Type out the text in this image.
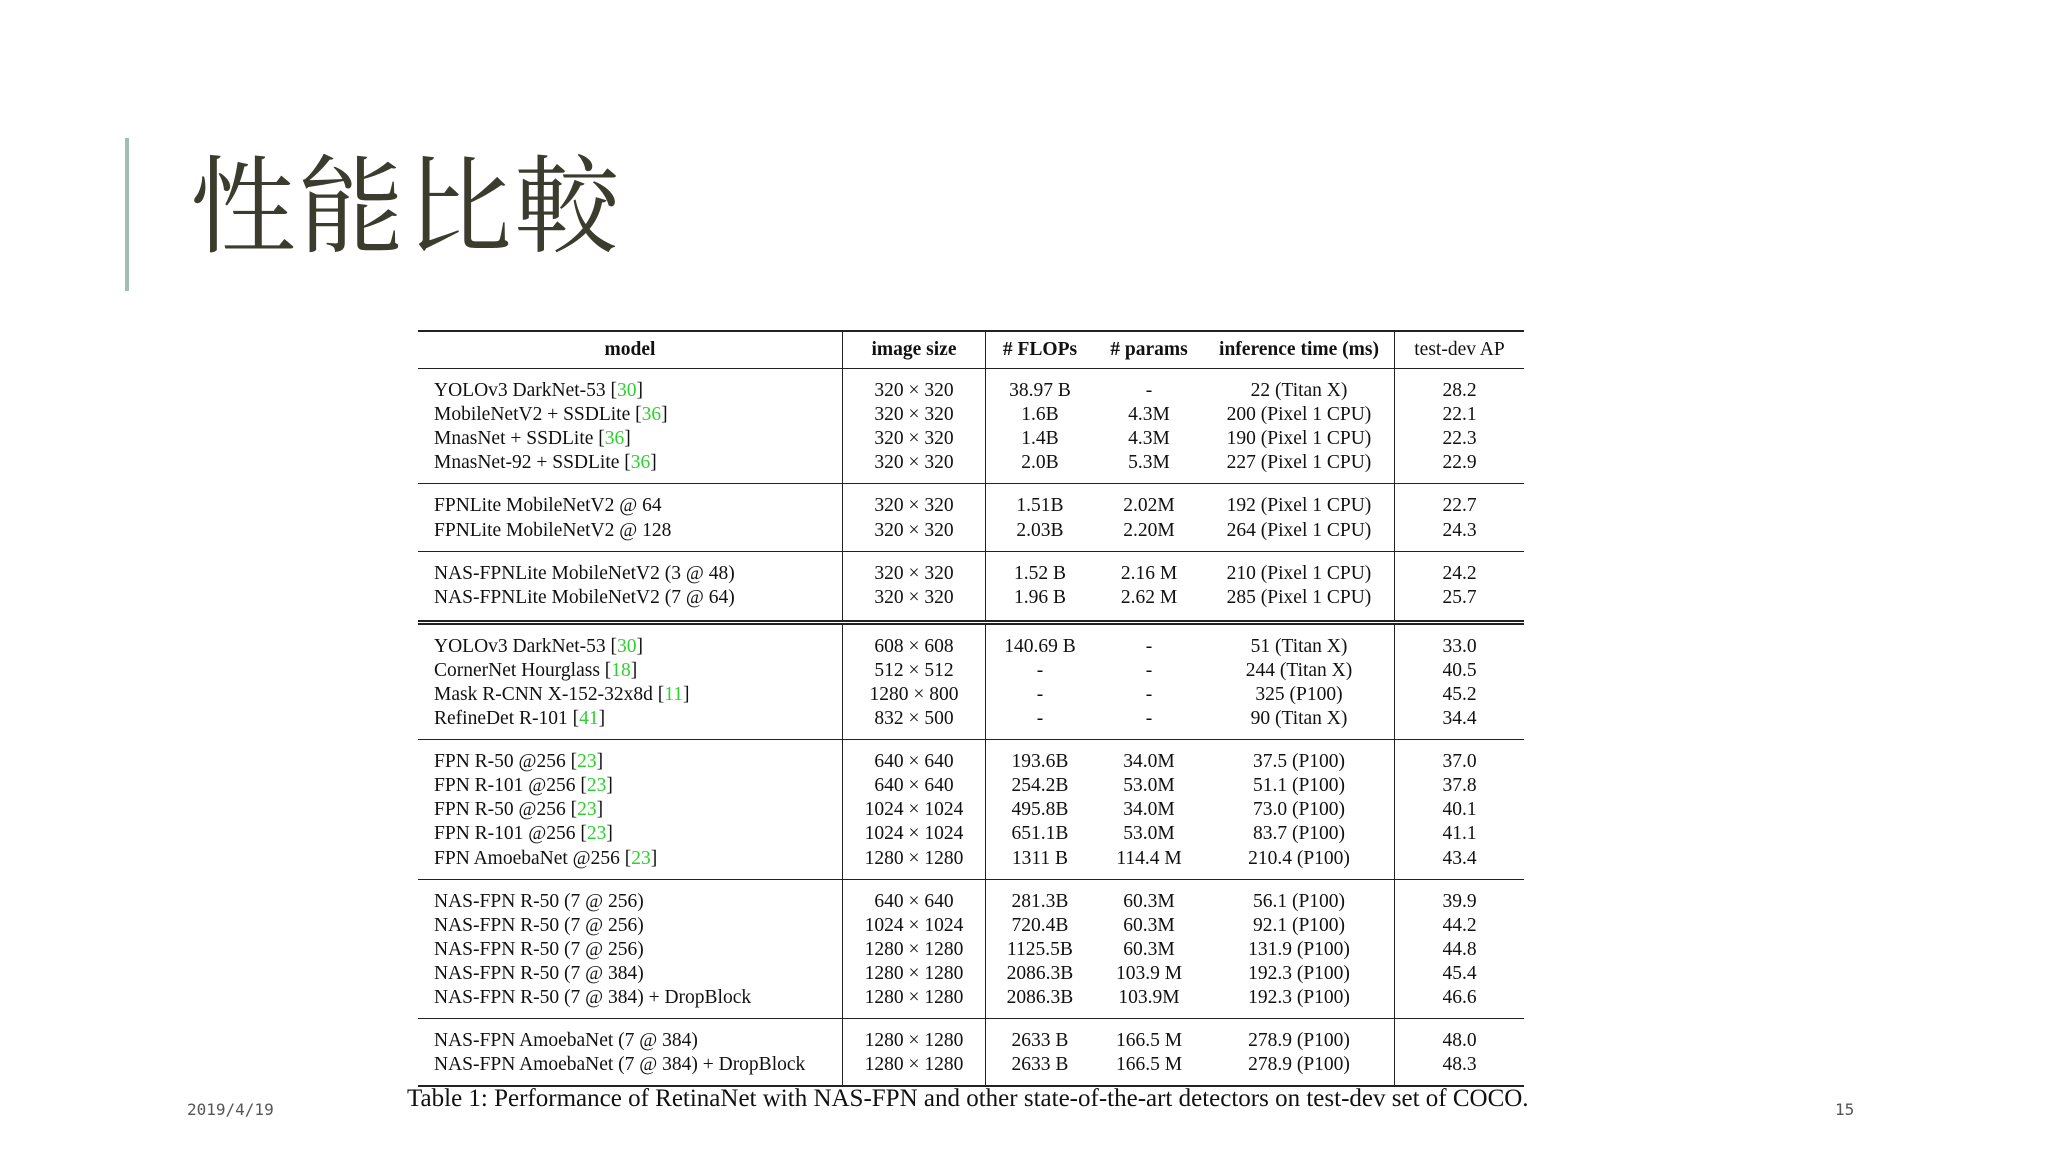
性能比較
model	image size	# FLOPs	# params	inference time (ms)	test-dev AP
YOLOv3 DarkNet-53 [30]	320 × 320	38.97 B	-	22 (Titan X)	28.2
MobileNetV2 + SSDLite [36]	320 × 320	1.6B	4.3M	200 (Pixel 1 CPU)	22.1
MnasNet + SSDLite [36]	320 × 320	1.4B	4.3M	190 (Pixel 1 CPU)	22.3
MnasNet-92 + SSDLite [36]	320 × 320	2.0B	5.3M	227 (Pixel 1 CPU)	22.9
FPNLite MobileNetV2 @ 64	320 × 320	1.51B	2.02M	192 (Pixel 1 CPU)	22.7
FPNLite MobileNetV2 @ 128	320 × 320	2.03B	2.20M	264 (Pixel 1 CPU)	24.3
NAS-FPNLite MobileNetV2 (3 @ 48)	320 × 320	1.52 B	2.16 M	210 (Pixel 1 CPU)	24.2
NAS-FPNLite MobileNetV2 (7 @ 64)	320 × 320	1.96 B	2.62 M	285 (Pixel 1 CPU)	25.7
YOLOv3 DarkNet-53 [30]	608 × 608	140.69 B	-	51 (Titan X)	33.0
CornerNet Hourglass [18]	512 × 512	-	-	244 (Titan X)	40.5
Mask R-CNN X-152-32x8d [11]	1280 × 800	-	-	325 (P100)	45.2
RefineDet R-101 [41]	832 × 500	-	-	90 (Titan X)	34.4
FPN R-50 @256 [23]	640 × 640	193.6B	34.0M	37.5 (P100)	37.0
FPN R-101 @256 [23]	640 × 640	254.2B	53.0M	51.1 (P100)	37.8
FPN R-50 @256 [23]	1024 × 1024	495.8B	34.0M	73.0 (P100)	40.1
FPN R-101 @256 [23]	1024 × 1024	651.1B	53.0M	83.7 (P100)	41.1
FPN AmoebaNet @256 [23]	1280 × 1280	1311 B	114.4 M	210.4 (P100)	43.4
NAS-FPN R-50 (7 @ 256)	640 × 640	281.3B	60.3M	56.1 (P100)	39.9
NAS-FPN R-50 (7 @ 256)	1024 × 1024	720.4B	60.3M	92.1 (P100)	44.2
NAS-FPN R-50 (7 @ 256)	1280 × 1280	1125.5B	60.3M	131.9 (P100)	44.8
NAS-FPN R-50 (7 @ 384)	1280 × 1280	2086.3B	103.9 M	192.3 (P100)	45.4
NAS-FPN R-50 (7 @ 384) + DropBlock	1280 × 1280	2086.3B	103.9M	192.3 (P100)	46.6
NAS-FPN AmoebaNet (7 @ 384)	1280 × 1280	2633 B	166.5 M	278.9 (P100)	48.0
NAS-FPN AmoebaNet (7 @ 384) + DropBlock	1280 × 1280	2633 B	166.5 M	278.9 (P100)	48.3
Table 1: Performance of RetinaNet with NAS-FPN and other state-of-the-art detectors on test-dev set of COCO.
2019/4/19	15
